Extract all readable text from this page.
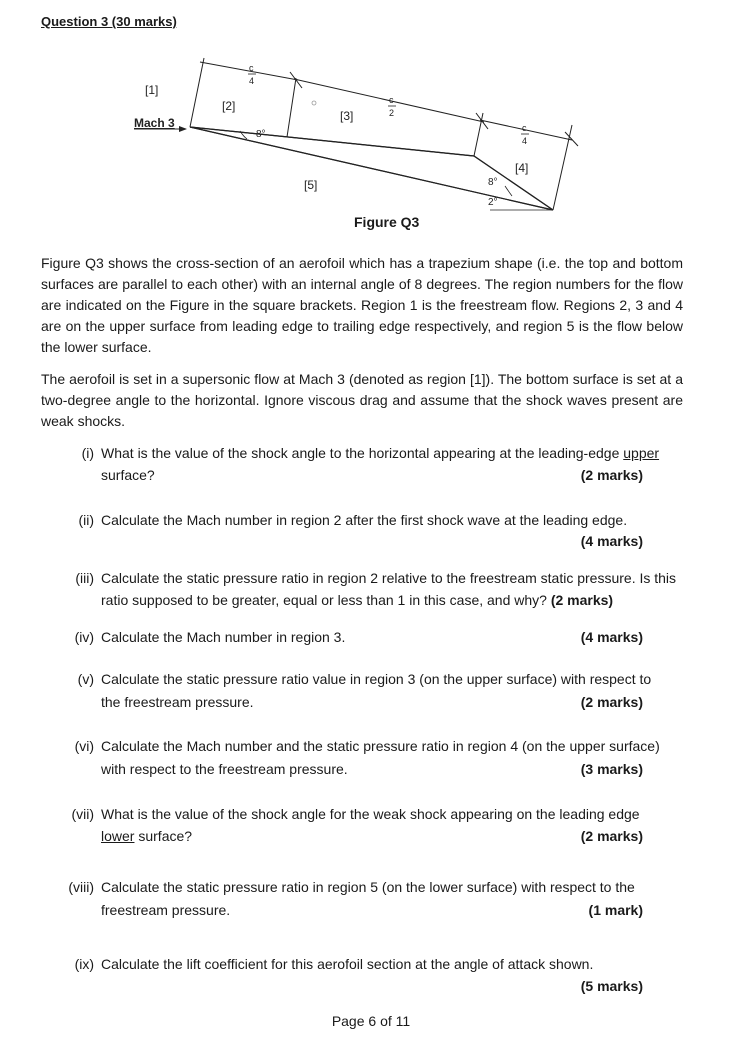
Question 3 (30 marks)
[1]
[2]
[3]
[4]
[5]
Mach 3
8°
8°
2°
c
4
c
2
c
4
Figure Q3
Figure Q3 shows the cross-section of an aerofoil which has a trapezium shape (i.e. the top and bottom surfaces are parallel to each other) with an internal angle of 8 degrees. The region numbers for the flow are indicated on the Figure in the square brackets. Region 1 is the freestream flow. Regions 2, 3 and 4 are on the upper surface from leading edge to trailing edge respectively, and region 5 is the flow below the lower surface.
The aerofoil is set in a supersonic flow at Mach 3 (denoted as region [1]). The bottom surface is set at a two-degree angle to the horizontal. Ignore viscous drag and assume that the shock waves present are weak shocks.
(i) What is the value of the shock angle to the horizontal appearing at the leading-edge upper
surface?	(2 marks)
(ii) Calculate the Mach number in region 2 after the first shock wave at the leading edge.
(4 marks)
(iii) Calculate the static pressure ratio in region 2 relative to the freestream static pressure. Is this ratio supposed to be greater, equal or less than 1 in this case, and why? (2 marks)
(iv) Calculate the Mach number in region 3.	(4 marks)
(v) Calculate the static pressure ratio value in region 3 (on the upper surface) with respect to
the freestream pressure.	(2 marks)
(vi) Calculate the Mach number and the static pressure ratio in region 4 (on the upper surface)
with respect to the freestream pressure.	(3 marks)
(vii) What is the value of the shock angle for the weak shock appearing on the leading edge
lower surface?	(2 marks)
(viii) Calculate the static pressure ratio in region 5 (on the lower surface) with respect to the
freestream pressure.	(1 mark)
(ix) Calculate the lift coefficient for this aerofoil section at the angle of attack shown.
(5 marks)
Page 6 of 11
